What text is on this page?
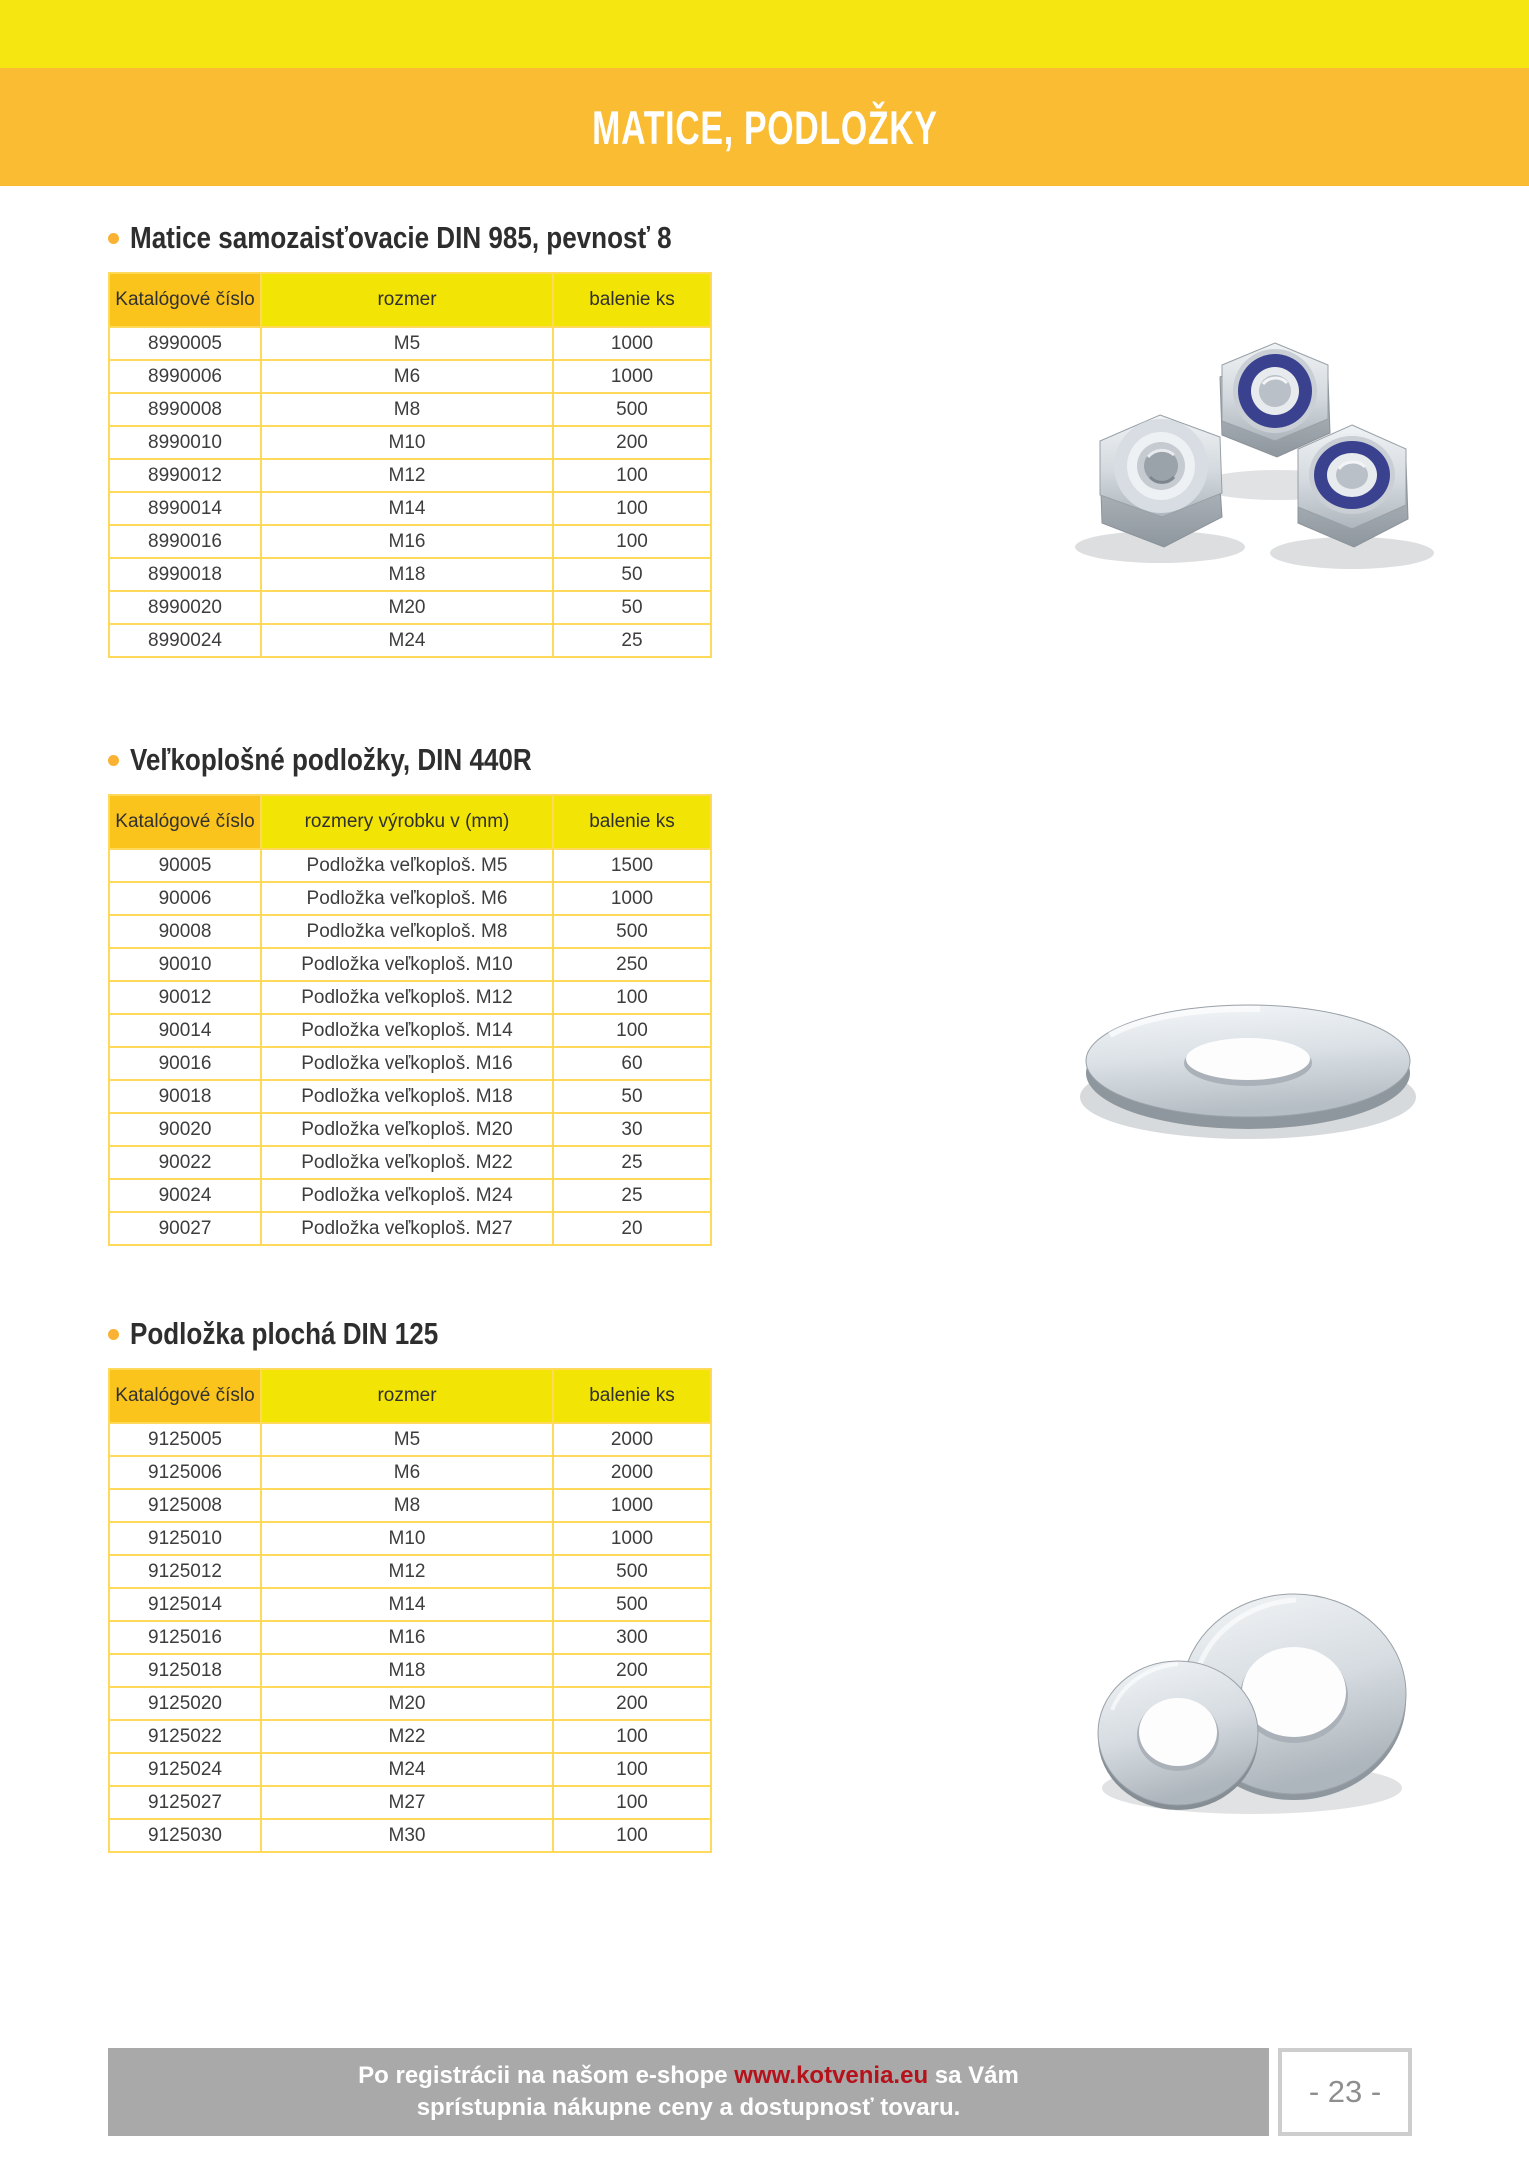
MATICE, PODLOŽKY
Matice samozaisťovacie DIN 985, pevnosť 8
Katalógové číslo	rozmer	balenie ks
8990005	M5	1000
8990006	M6	1000
8990008	M8	500
8990010	M10	200
8990012	M12	100
8990014	M14	100
8990016	M16	100
8990018	M18	50
8990020	M20	50
8990024	M24	25
Veľkoplošné podložky, DIN 440R
Katalógové číslo	rozmery výrobku v (mm)	balenie ks
90005	Podložka veľkoploš. M5	1500
90006	Podložka veľkoploš. M6	1000
90008	Podložka veľkoploš. M8	500
90010	Podložka veľkoploš. M10	250
90012	Podložka veľkoploš. M12	100
90014	Podložka veľkoploš. M14	100
90016	Podložka veľkoploš. M16	60
90018	Podložka veľkoploš. M18	50
90020	Podložka veľkoploš. M20	30
90022	Podložka veľkoploš. M22	25
90024	Podložka veľkoploš. M24	25
90027	Podložka veľkoploš. M27	20
Podložka plochá DIN 125
Katalógové číslo	rozmer	balenie ks
9125005	M5	2000
9125006	M6	2000
9125008	M8	1000
9125010	M10	1000
9125012	M12	500
9125014	M14	500
9125016	M16	300
9125018	M18	200
9125020	M20	200
9125022	M22	100
9125024	M24	100
9125027	M27	100
9125030	M30	100
Po registrácii na našom e-shope www.kotvenia.eu sa Vám
sprístupnia nákupne ceny a dostupnosť tovaru.	- 23 -
